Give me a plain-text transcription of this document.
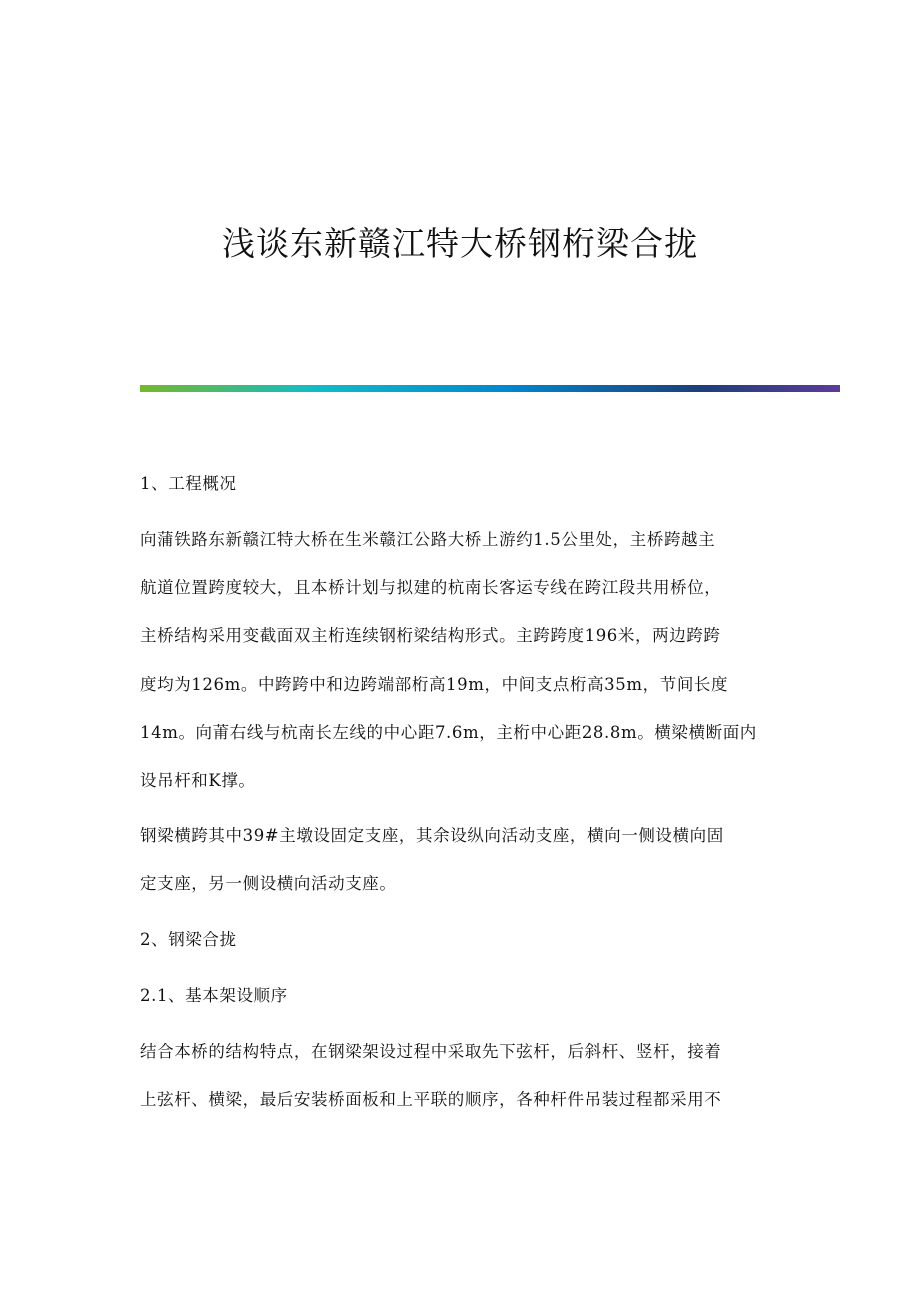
浅谈东新赣江特大桥钢桁梁合拢
1、工程概况
向蒲铁路东新赣江特大桥在生米赣江公路大桥上游约1.5公里处，主桥跨越主
航道位置跨度较大，且本桥计划与拟建的杭南长客运专线在跨江段共用桥位，
主桥结构采用变截面双主桁连续钢桁梁结构形式。主跨跨度196米，两边跨跨
度均为126m。中跨跨中和边跨端部桁高19m，中间支点桁高35m，节间长度
14m。向莆右线与杭南长左线的中心距7.6m，主桁中心距28.8m。横梁横断面内
设吊杆和K撑。
钢梁横跨其中39#主墩设固定支座，其余设纵向活动支座，横向一侧设横向固
定支座，另一侧设横向活动支座。
2、钢梁合拢
2.1、基本架设顺序
结合本桥的结构特点，在钢梁架设过程中采取先下弦杆，后斜杆、竖杆，接着
上弦杆、横梁，最后安装桥面板和上平联的顺序，各种杆件吊装过程都采用不
